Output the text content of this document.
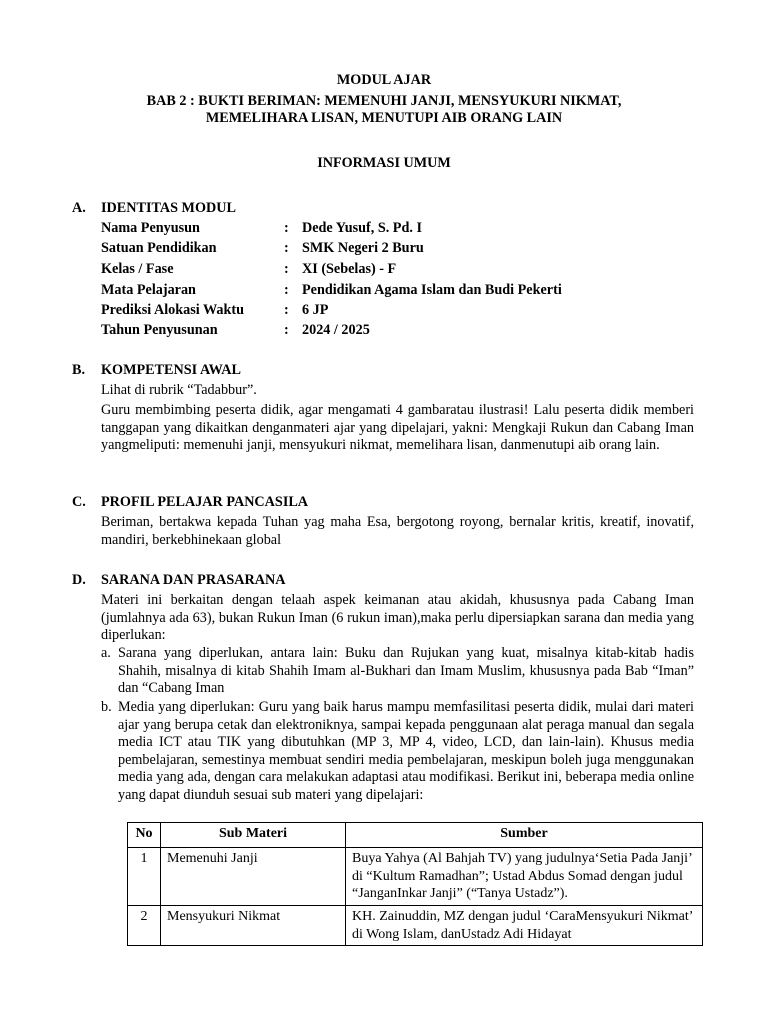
MODUL AJAR
BAB 2 : BUKTI BERIMAN: MEMENUHI JANJI, MENSYUKURI NIKMAT,
MEMELIHARA LISAN, MENUTUPI AIB ORANG LAIN
INFORMASI UMUM
A. IDENTITAS MODUL
Nama Penyusun	: Dede Yusuf, S. Pd. I
Satuan Pendidikan	: SMK Negeri 2 Buru
Kelas / Fase	: XI (Sebelas) - F
Mata Pelajaran	: Pendidikan Agama Islam dan Budi Pekerti
Prediksi Alokasi Waktu	: 6 JP
Tahun Penyusunan	: 2024 / 2025
B. KOMPETENSI AWAL
Lihat di rubrik “Tadabbur”.
Guru membimbing peserta didik, agar mengamati 4 gambaratau ilustrasi! Lalu peserta didik memberi tanggapan yang dikaitkan denganmateri ajar yang dipelajari, yakni: Mengkaji Rukun dan Cabang Iman yangmeliputi: memenuhi janji, mensyukuri nikmat, memelihara lisan, danmenutupi aib orang lain.
C. PROFIL PELAJAR PANCASILA
Beriman, bertakwa kepada Tuhan yag maha Esa, bergotong royong, bernalar kritis, kreatif, inovatif, mandiri, berkebhinekaan global
D. SARANA DAN PRASARANA
Materi ini berkaitan dengan telaah aspek keimanan atau akidah, khususnya pada Cabang Iman (jumlahnya ada 63), bukan Rukun Iman (6 rukun iman),maka perlu dipersiapkan sarana dan media yang diperlukan:
a. Sarana yang diperlukan, antara lain: Buku dan Rujukan yang kuat, misalnya kitab-kitab hadis Shahih, misalnya di kitab Shahih Imam al-Bukhari dan Imam Muslim, khususnya pada Bab “Iman” dan “Cabang Iman
b. Media yang diperlukan: Guru yang baik harus mampu memfasilitasi peserta didik, mulai dari materi ajar yang berupa cetak dan elektroniknya, sampai kepada penggunaan alat peraga manual dan segala media ICT atau TIK yang dibutuhkan (MP 3, MP 4, video, LCD, dan lain-lain). Khusus media pembelajaran, semestinya membuat sendiri media pembelajaran, meskipun boleh juga menggunakan media yang ada, dengan cara melakukan adaptasi atau modifikasi. Berikut ini, beberapa media online yang dapat diunduh sesuai sub materi yang dipelajari:
No	Sub Materi	Sumber
1	Memenuhi Janji	Buya Yahya (Al Bahjah TV) yang judulnya‘Setia Pada Janji’ di “Kultum Ramadhan”; Ustad Abdus Somad dengan judul “JanganInkar Janji” (“Tanya Ustadz”).
2	Mensyukuri Nikmat	KH. Zainuddin, MZ dengan judul ‘CaraMensyukuri Nikmat’ di Wong Islam, danUstadz Adi Hidayat
